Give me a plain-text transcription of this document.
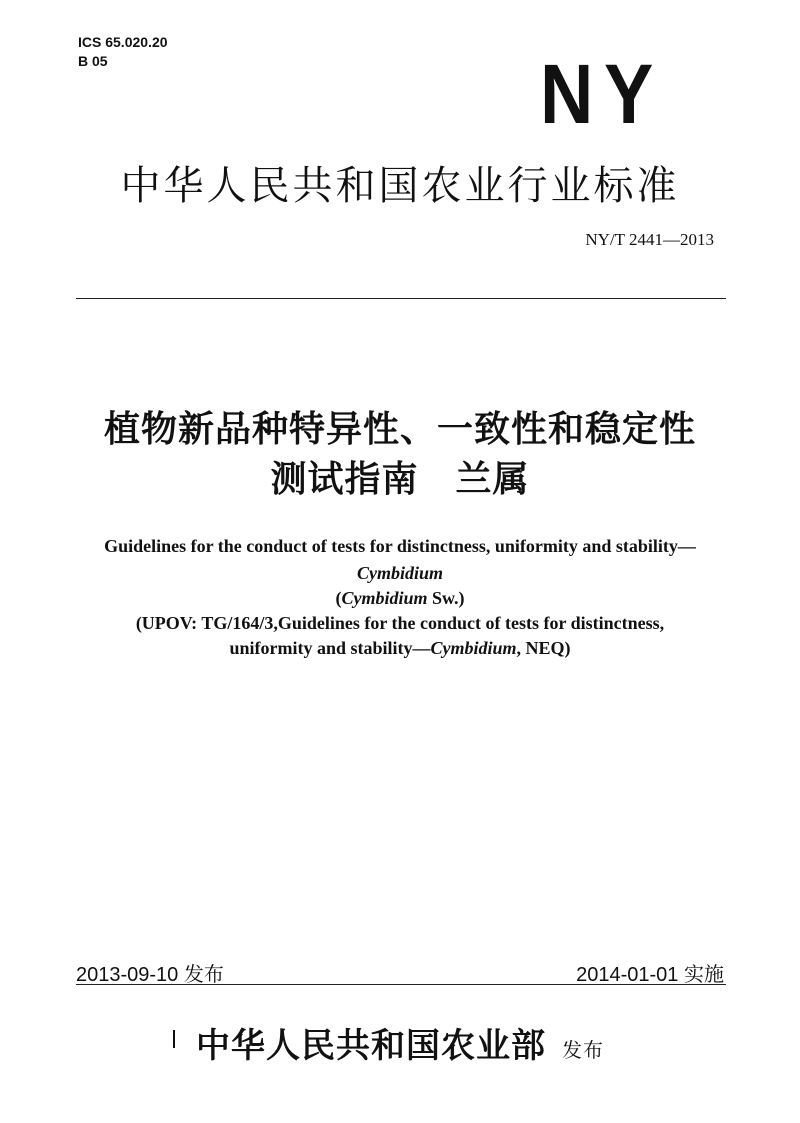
ICS 65.020.20
B 05	NY
中华人民共和国农业行业标准
NY/T 2441—2013
植物新品种特异性、一致性和稳定性
测试指南　兰属
Guidelines for the conduct of tests for distinctness, uniformity and stability—
Cymbidium
(Cymbidium Sw.)
(UPOV: TG/164/3,Guidelines for the conduct of tests for distinctness,
uniformity and stability—Cymbidium, NEQ)
2013-09-10 发布	2014-01-01 实施
中华人民共和国农业部 发布
